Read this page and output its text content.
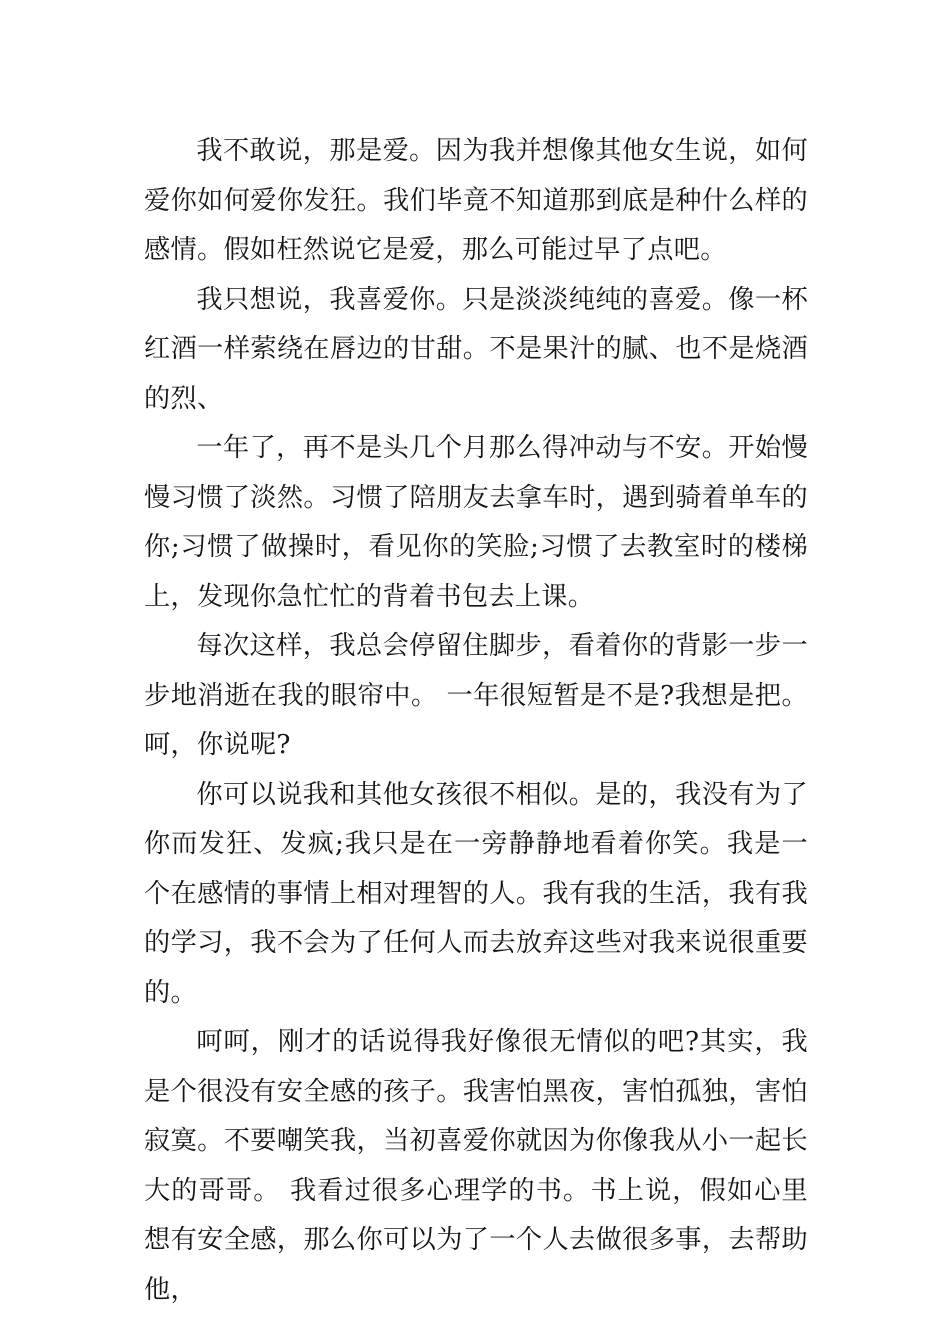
我不敢说，那是爱。因为我并想像其他女生说，如何爱你如何爱你发狂。我们毕竟不知道那到底是种什么样的感情。假如枉然说它是爱，那么可能过早了点吧。

我只想说，我喜爱你。只是淡淡纯纯的喜爱。像一杯红酒一样萦绕在唇边的甘甜。不是果汁的腻、也不是烧酒的烈、

一年了，再不是头几个月那么得冲动与不安。开始慢慢习惯了淡然。习惯了陪朋友去拿车时，遇到骑着单车的你;习惯了做操时，看见你的笑脸;习惯了去教室时的楼梯上，发现你急忙忙的背着书包去上课。

每次这样，我总会停留住脚步，看着你的背影一步一步地消逝在我的眼帘中。 一年很短暂是不是?我想是把。呵，你说呢?

你可以说我和其他女孩很不相似。是的，我没有为了你而发狂、发疯;我只是在一旁静静地看着你笑。我是一个在感情的事情上相对理智的人。我有我的生活，我有我的学习，我不会为了任何人而去放弃这些对我来说很重要的。

呵呵，刚才的话说得我好像很无情似的吧?其实，我是个很没有安全感的孩子。我害怕黑夜，害怕孤独，害怕寂寞。不要嘲笑我，当初喜爱你就因为你像我从小一起长大的哥哥。 我看过很多心理学的书。书上说，假如心里想有安全感，那么你可以为了一个人去做很多事，去帮助他，
